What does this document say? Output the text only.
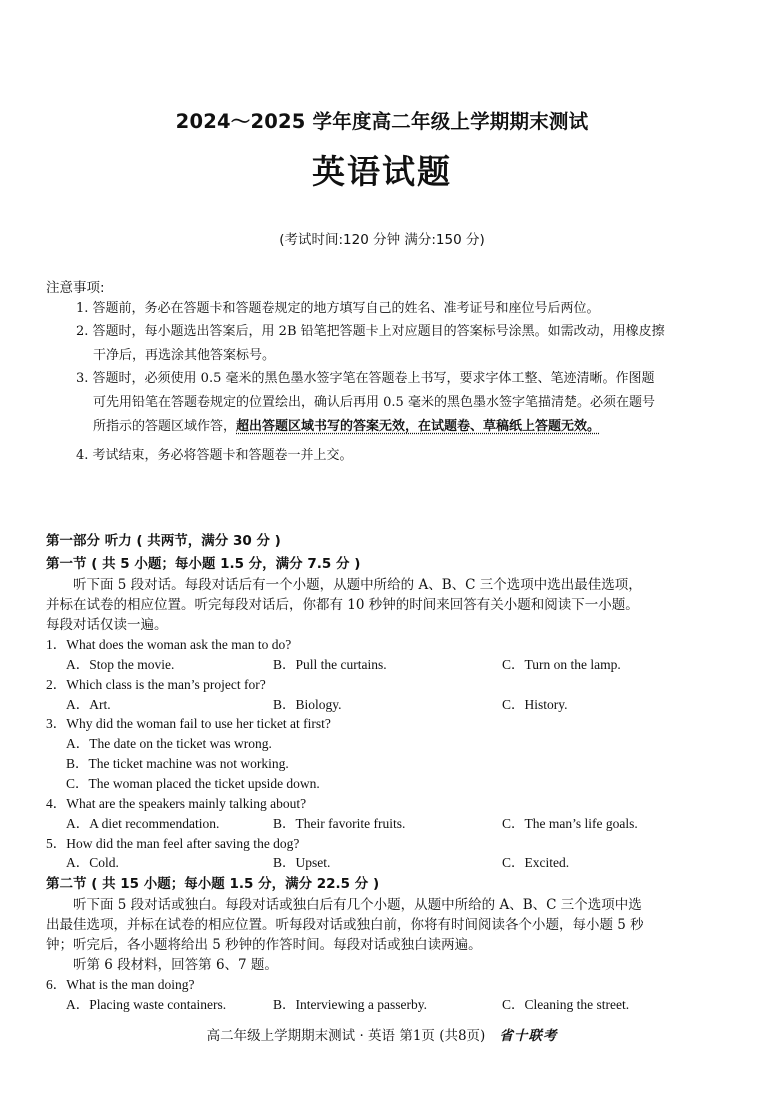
2024～2025 学年度高二年级上学期期末测试
英语试题
(考试时间:120 分钟 满分:150 分)
注意事项:
1. 答题前，务必在答题卡和答题卷规定的地方填写自己的姓名、准考证号和座位号后两位。
2. 答题时，每小题选出答案后，用 2B 铅笔把答题卡上对应题目的答案标号涂黑。如需改动，用橡皮擦
干净后，再选涂其他答案标号。
3. 答题时，必须使用 0.5 毫米的黑色墨水签字笔在答题卷上书写，要求字体工整、笔迹清晰。作图题
可先用铅笔在答题卷规定的位置绘出，确认后再用 0.5 毫米的黑色墨水签字笔描清楚。必须在题号
所指示的答题区域作答，超出答题区域书写的答案无效，在试题卷、草稿纸上答题无效。
4. 考试结束，务必将答题卡和答题卷一并上交。
第一部分 听力 ( 共两节，满分 30 分 )
第一节 ( 共 5 小题；每小题 1.5 分，满分 7.5 分 )
听下面 5 段对话。每段对话后有一个小题，从题中所给的 A、B、C 三个选项中选出最佳选项，
并标在试卷的相应位置。听完每段对话后，你都有 10 秒钟的时间来回答有关小题和阅读下一小题。
每段对话仅读一遍。
1．What does the woman ask the man to do?
A．Stop the movie.	B．Pull the curtains.	C．Turn on the lamp.
2．Which class is the man’s project for?
A．Art.	B．Biology.	C．History.
3．Why did the woman fail to use her ticket at first?
A．The date on the ticket was wrong.
B．The ticket machine was not working.
C．The woman placed the ticket upside down.
4．What are the speakers mainly talking about?
A．A diet recommendation.	B．Their favorite fruits.	C．The man’s life goals.
5．How did the man feel after saving the dog?
A．Cold.	B．Upset.	C．Excited.
第二节 ( 共 15 小题；每小题 1.5 分，满分 22.5 分 )
听下面 5 段对话或独白。每段对话或独白后有几个小题，从题中所给的 A、B、C 三个选项中选
出最佳选项，并标在试卷的相应位置。听每段对话或独白前，你将有时间阅读各个小题，每小题 5 秒
钟；听完后，各小题将给出 5 秒钟的作答时间。每段对话或独白读两遍。
听第 6 段材料，回答第 6、7 题。
6．What is the man doing?
A．Placing waste containers.	B．Interviewing a passerby.	C．Cleaning the street.
高二年级上学期期末测试 · 英语 第1页 (共8页) 省十联考
